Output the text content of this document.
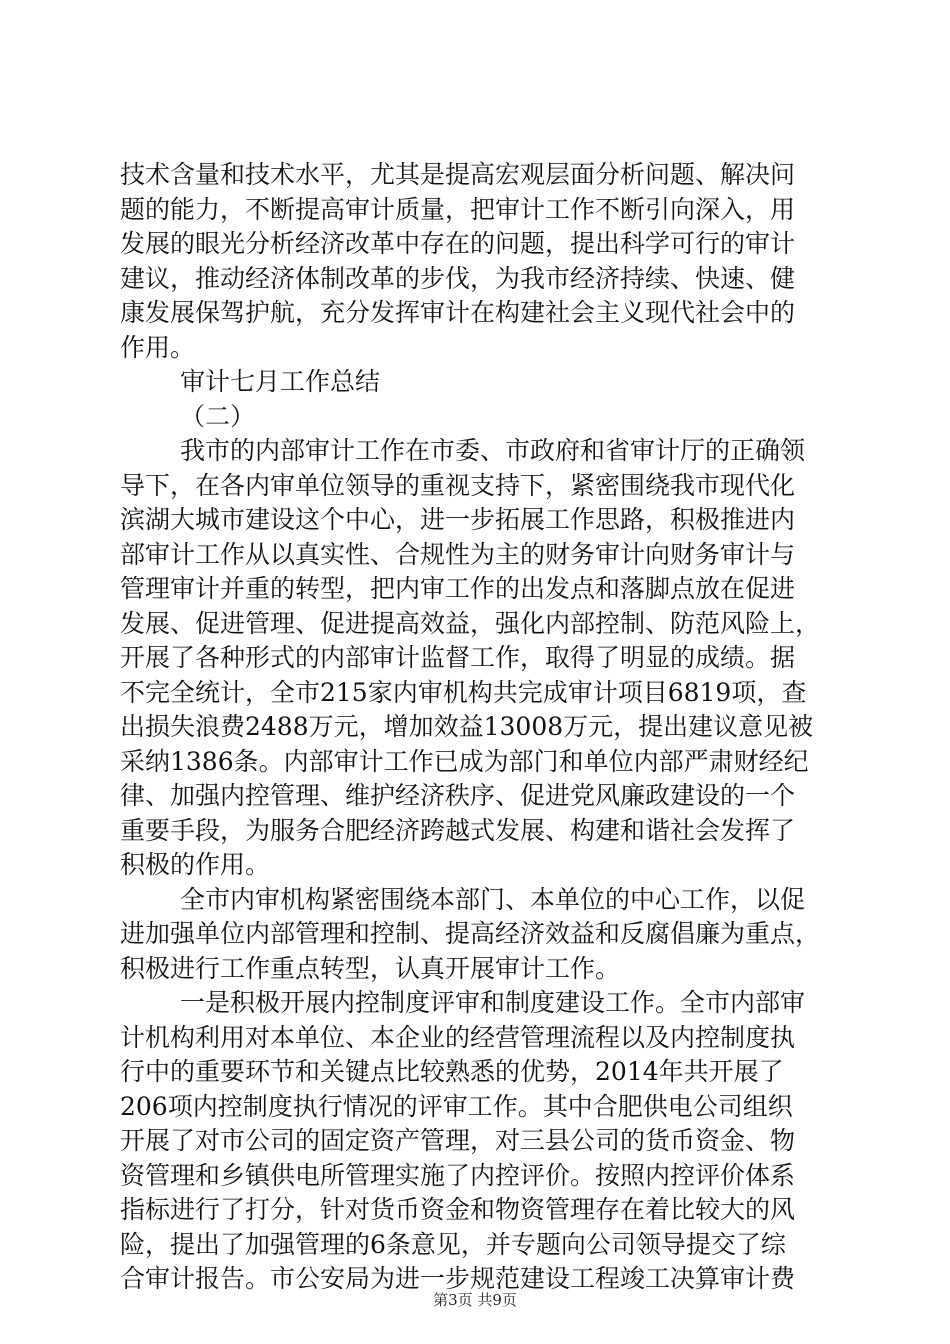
技术含量和技术水平，尤其是提高宏观层面分析问题、解决问
题的能力，不断提高审计质量，把审计工作不断引向深入，用
发展的眼光分析经济改革中存在的问题，提出科学可行的审计
建议，推动经济体制改革的步伐，为我市经济持续、快速、健
康发展保驾护航，充分发挥审计在构建社会主义现代社会中的
作用。
审计七月工作总结
（二）
我市的内部审计工作在市委、市政府和省审计厅的正确领
导下，在各内审单位领导的重视支持下，紧密围绕我市现代化
滨湖大城市建设这个中心，进一步拓展工作思路，积极推进内
部审计工作从以真实性、合规性为主的财务审计向财务审计与
管理审计并重的转型，把内审工作的出发点和落脚点放在促进
发展、促进管理、促进提高效益，强化内部控制、防范风险上，
开展了各种形式的内部审计监督工作，取得了明显的成绩。据
不完全统计，全市215家内审机构共完成审计项目6819项，查
出损失浪费2488万元，增加效益13008万元，提出建议意见被
采纳1386条。内部审计工作已成为部门和单位内部严肃财经纪
律、加强内控管理、维护经济秩序、促进党风廉政建设的一个
重要手段，为服务合肥经济跨越式发展、构建和谐社会发挥了
积极的作用。
全市内审机构紧密围绕本部门、本单位的中心工作，以促
进加强单位内部管理和控制、提高经济效益和反腐倡廉为重点，
积极进行工作重点转型，认真开展审计工作。
一是积极开展内控制度评审和制度建设工作。全市内部审
计机构利用对本单位、本企业的经营管理流程以及内控制度执
行中的重要环节和关键点比较熟悉的优势，2014年共开展了
206项内控制度执行情况的评审工作。其中合肥供电公司组织
开展了对市公司的固定资产管理，对三县公司的货币资金、物
资管理和乡镇供电所管理实施了内控评价。按照内控评价体系
指标进行了打分，针对货币资金和物资管理存在着比较大的风
险，提出了加强管理的6条意见，并专题向公司领导提交了综
合审计报告。市公安局为进一步规范建设工程竣工决算审计费
第3页 共9页
